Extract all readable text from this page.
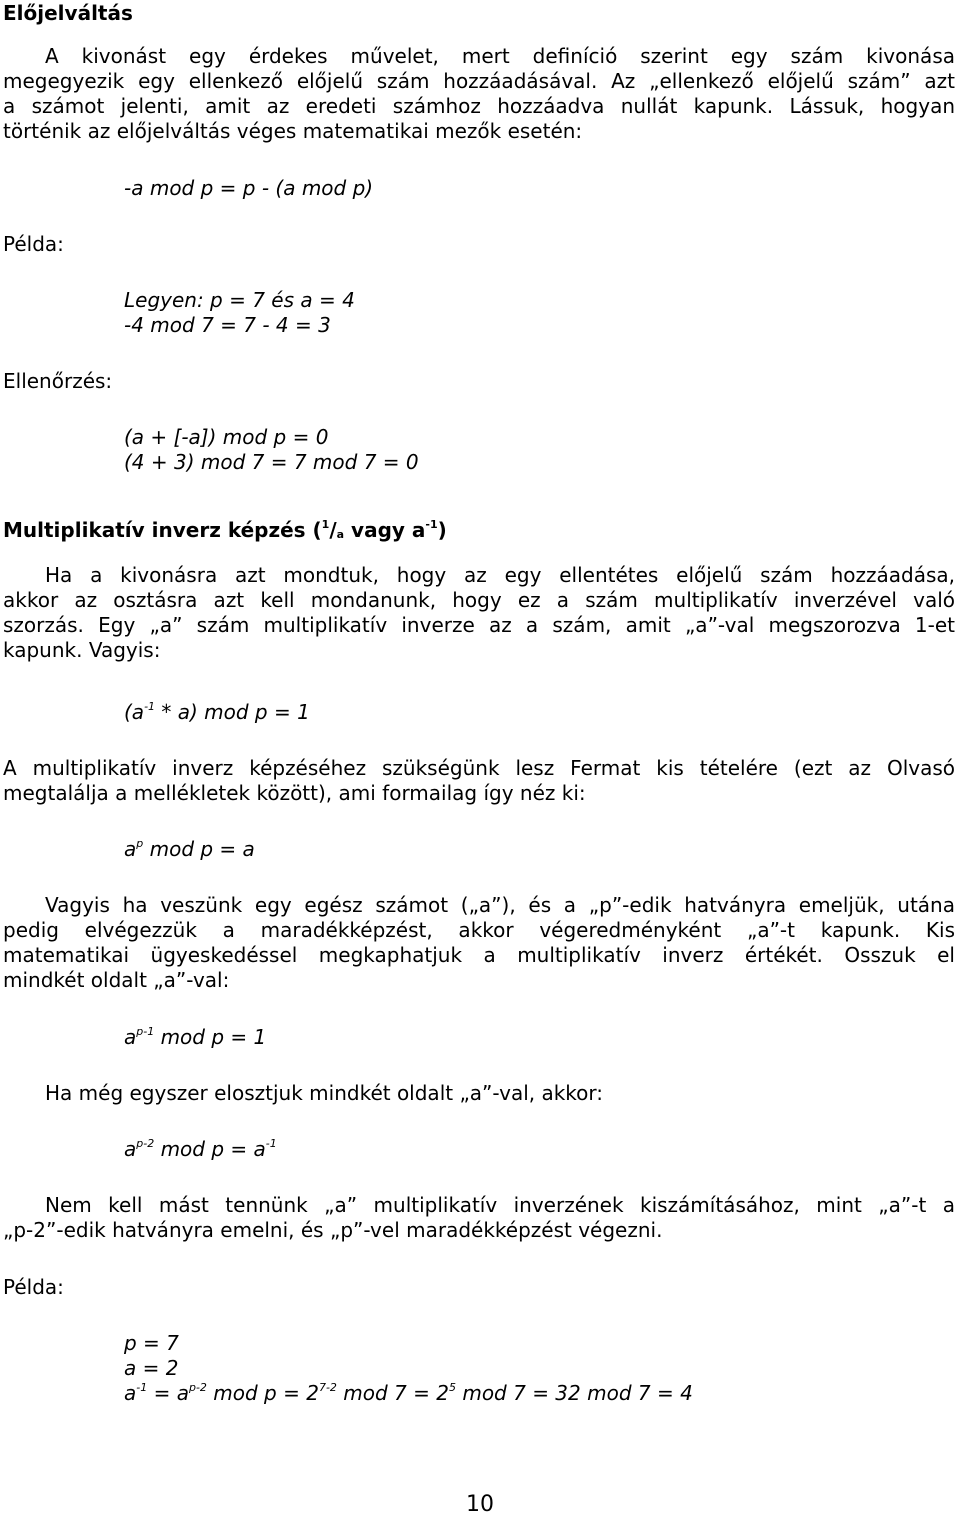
Előjelváltás
A kivonást egy érdekes művelet, mert definíció szerint egy szám kivonása
megegyezik egy ellenkező előjelű szám hozzáadásával. Az „ellenkező előjelű szám” azt
a számot jelenti, amit az eredeti számhoz hozzáadva nullát kapunk. Lássuk, hogyan
történik az előjelváltás véges matematikai mezők esetén:
-a mod p = p - (a mod p)
Példa:
Legyen: p = 7 és a = 4
-4 mod 7 = 7 - 4 = 3
Ellenőrzés:
(a + [-a]) mod p = 0
(4 + 3) mod 7 = 7 mod 7 = 0
Multiplikatív inverz képzés ($^1/_a$ vagy $a^{-1}$)
Ha a kivonásra azt mondtuk, hogy az egy ellentétes előjelű szám hozzáadása,
akkor az osztásra azt kell mondanunk, hogy ez a szám multiplikatív inverzével való
szorzás. Egy „a” szám multiplikatív inverze az a szám, amit „a”-val megszorozva 1-et
kapunk. Vagyis:
$(a^{-1} * a)$ mod p = 1
A multiplikatív inverz képzéséhez szükségünk lesz Fermat kis tételére (ezt az Olvasó
megtalálja a mellékletek között), ami formailag így néz ki:
$a^p$ mod p = a
Vagyis ha veszünk egy egész számot („a”), és a „p”-edik hatványra emeljük, utána
pedig elvégezzük a maradékképzést, akkor végeredményként „a”-t kapunk. Kis
matematikai ügyeskedéssel megkaphatjuk a multiplikatív inverz értékét. Osszuk el
mindkét oldalt „a”-val:
$a^{p-1}$ mod p = 1
Ha még egyszer elosztjuk mindkét oldalt „a”-val, akkor:
$a^{p-2}$ mod $p = a^{-1}$
Nem kell mást tennünk „a” multiplikatív inverzének kiszámításához, mint „a”-t a
„p-2”-edik hatványra emelni, és „p”-vel maradékképzést végezni.
Példa:
p = 7
a = 2
$a^{-1} = a^{p-2}$ mod $p = 2^{7-2}$ mod $7 = 2^5$ mod 7 = 32 mod 7 = 4
10
